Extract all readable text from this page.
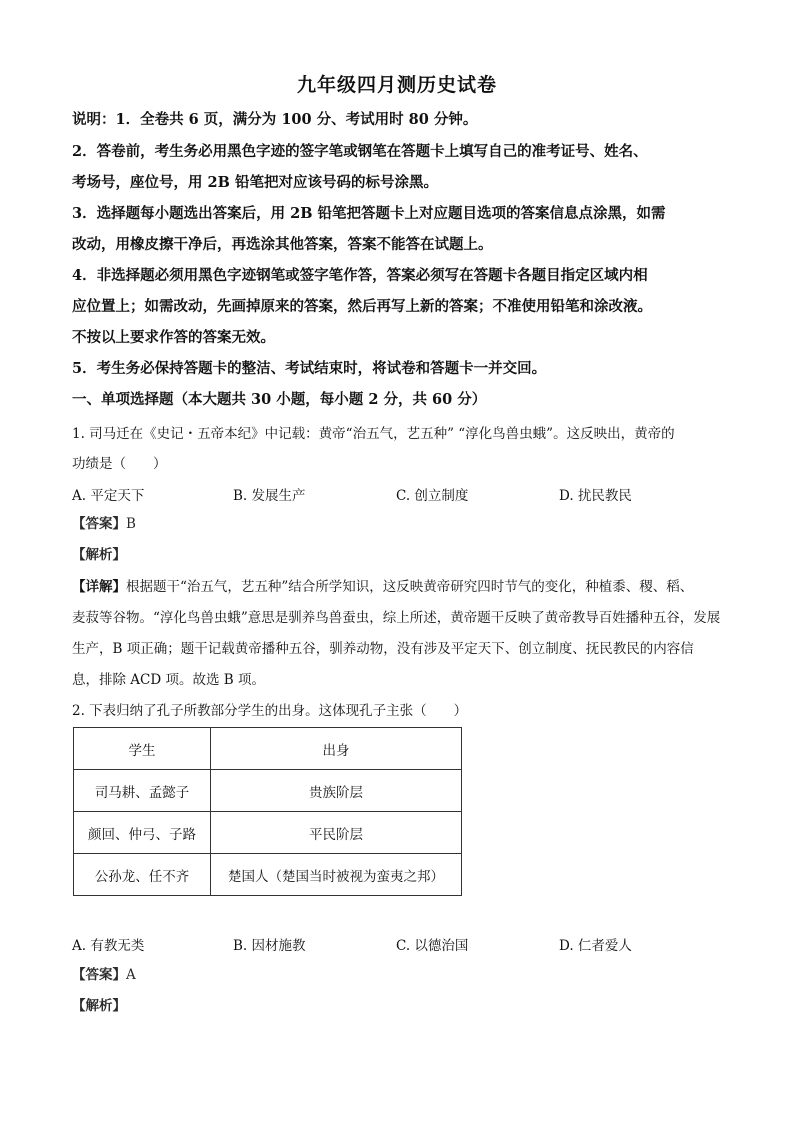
九年级四月测历史试卷
说明：1．全卷共 6 页，满分为 100 分、考试用时 80 分钟。
2．答卷前，考生务必用黑色字迹的签字笔或钢笔在答题卡上填写自己的准考证号、姓名、
考场号，座位号，用 2B 铅笔把对应该号码的标号涂黑。
3．选择题每小题选出答案后，用 2B 铅笔把答题卡上对应题目选项的答案信息点涂黑，如需
改动，用橡皮擦干净后，再选涂其他答案，答案不能答在试题上。
4．非选择题必须用黑色字迹钢笔或签字笔作答，答案必须写在答题卡各题目指定区域内相
应位置上；如需改动，先画掉原来的答案，然后再写上新的答案；不准使用铅笔和涂改液。
不按以上要求作答的答案无效。
5．考生务必保持答题卡的整洁、考试结束时，将试卷和答题卡一并交回。
一、单项选择题（本大题共 30 小题，每小题 2 分，共 60 分）
1. 司马迁在《史记・五帝本纪》中记载：黄帝“治五气，艺五种” “淳化鸟兽虫蛾”。这反映出，黄帝的
功绩是（　　）
A. 平定天下	B. 发展生产	C. 创立制度	D. 扰民教民
【答案】B
【解析】
【详解】根据题干“治五气，艺五种”结合所学知识，这反映黄帝研究四时节气的变化，种植黍、稷、稻、
麦菽等谷物。“淳化鸟兽虫蛾”意思是驯养鸟兽蚕虫，综上所述，黄帝题干反映了黄帝教导百姓播种五谷，发展
生产，B 项正确；题干记载黄帝播种五谷，驯养动物，没有涉及平定天下、创立制度、抚民教民的内容信
息，排除 ACD 项。故选 B 项。
2. 下表归纳了孔子所教部分学生的出身。这体现孔子主张（　　）
学生	出身
司马耕、孟懿子	贵族阶层
颜回、仲弓、子路	平民阶层
公孙龙、任不齐	楚国人（楚国当时被视为蛮夷之邦）
A. 有教无类	B. 因材施教	C. 以德治国	D. 仁者爱人
【答案】A
【解析】
